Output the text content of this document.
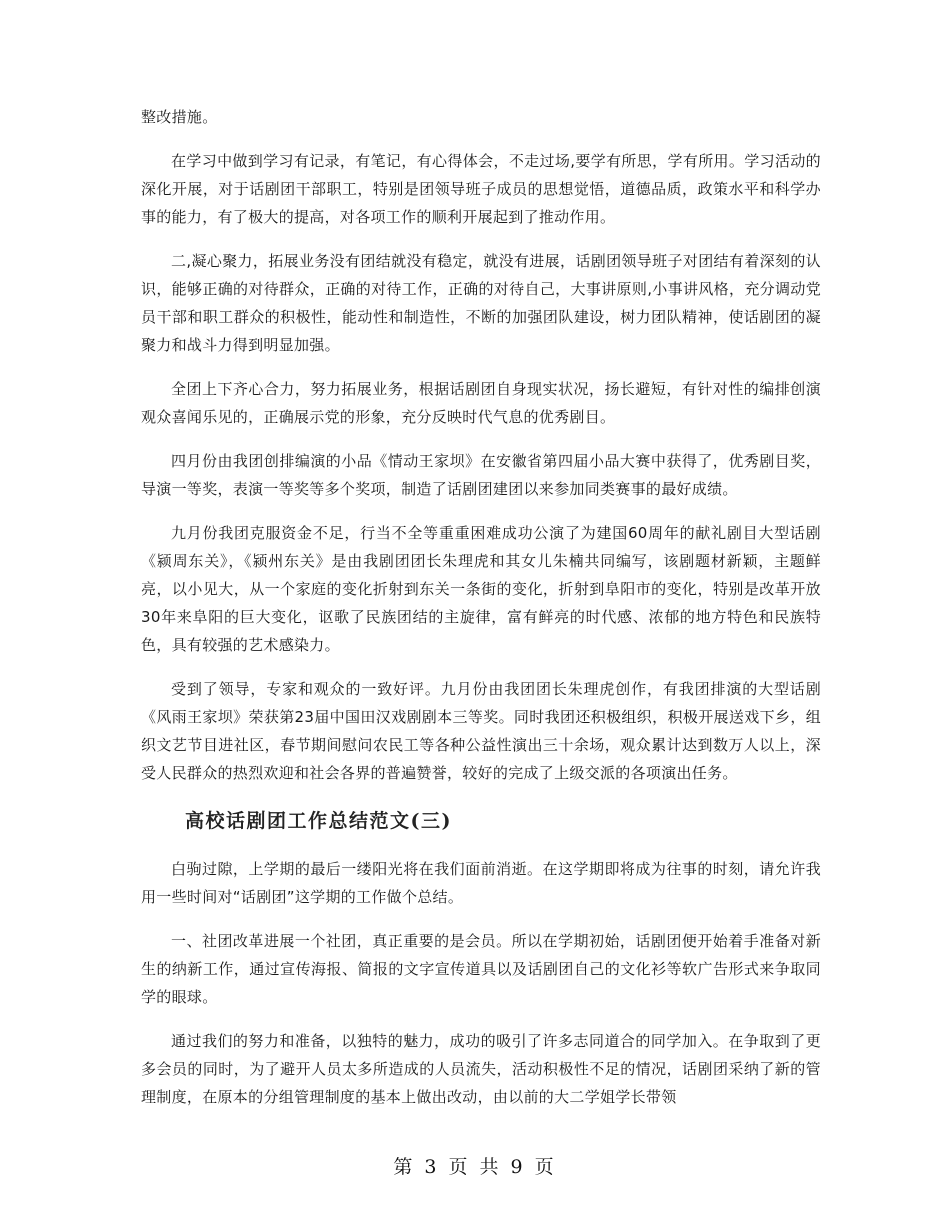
整改措施。

在学习中做到学习有记录，有笔记，有心得体会，不走过场,要学有所思，学有所用。学习活动的深化开展，对于话剧团干部职工，特别是团领导班子成员的思想觉悟，道德品质，政策水平和科学办事的能力，有了极大的提高，对各项工作的顺利开展起到了推动作用。

二,凝心聚力，拓展业务没有团结就没有稳定，就没有进展，话剧团领导班子对团结有着深刻的认识，能够正确的对待群众，正确的对待工作，正确的对待自己，大事讲原则,小事讲风格，充分调动党员干部和职工群众的积极性，能动性和制造性，不断的加强团队建设，树力团队精神，使话剧团的凝聚力和战斗力得到明显加强。

全团上下齐心合力，努力拓展业务，根据话剧团自身现实状况，扬长避短，有针对性的编排创演观众喜闻乐见的，正确展示党的形象，充分反映时代气息的优秀剧目。

四月份由我团创排编演的小品《情动王家坝》在安徽省第四届小品大赛中获得了，优秀剧目奖，导演一等奖，表演一等奖等多个奖项，制造了话剧团建团以来参加同类赛事的最好成绩。

九月份我团克服资金不足，行当不全等重重困难成功公演了为建国60周年的献礼剧目大型话剧《颍周东关》，《颍州东关》是由我剧团团长朱理虎和其女儿朱楠共同编写，该剧题材新颖，主题鲜亮，以小见大，从一个家庭的变化折射到东关一条街的变化，折射到阜阳市的变化，特别是改革开放30年来阜阳的巨大变化，讴歌了民族团结的主旋律，富有鲜亮的时代感、浓郁的地方特色和民族特色，具有较强的艺术感染力。

受到了领导，专家和观众的一致好评。九月份由我团团长朱理虎创作，有我团排演的大型话剧《风雨王家坝》荣获第23届中国田汉戏剧剧本三等奖。同时我团还积极组织，积极开展送戏下乡，组织文艺节目进社区，春节期间慰问农民工等各种公益性演出三十余场，观众累计达到数万人以上，深受人民群众的热烈欢迎和社会各界的普遍赞誉，较好的完成了上级交派的各项演出任务。

高校话剧团工作总结范文(三)

白驹过隙，上学期的最后一缕阳光将在我们面前消逝。在这学期即将成为往事的时刻，请允许我用一些时间对“话剧团”这学期的工作做个总结。

一、社团改革进展一个社团，真正重要的是会员。所以在学期初始，话剧团便开始着手准备对新生的纳新工作，通过宣传海报、简报的文字宣传道具以及话剧团自己的文化衫等软广告形式来争取同学的眼球。

通过我们的努力和准备，以独特的魅力，成功的吸引了许多志同道合的同学加入。在争取到了更多会员的同时，为了避开人员太多所造成的人员流失，活动积极性不足的情况，话剧团采纳了新的管理制度，在原本的分组管理制度的基本上做出改动，由以前的大二学姐学长带领

第 3 页 共 9 页
